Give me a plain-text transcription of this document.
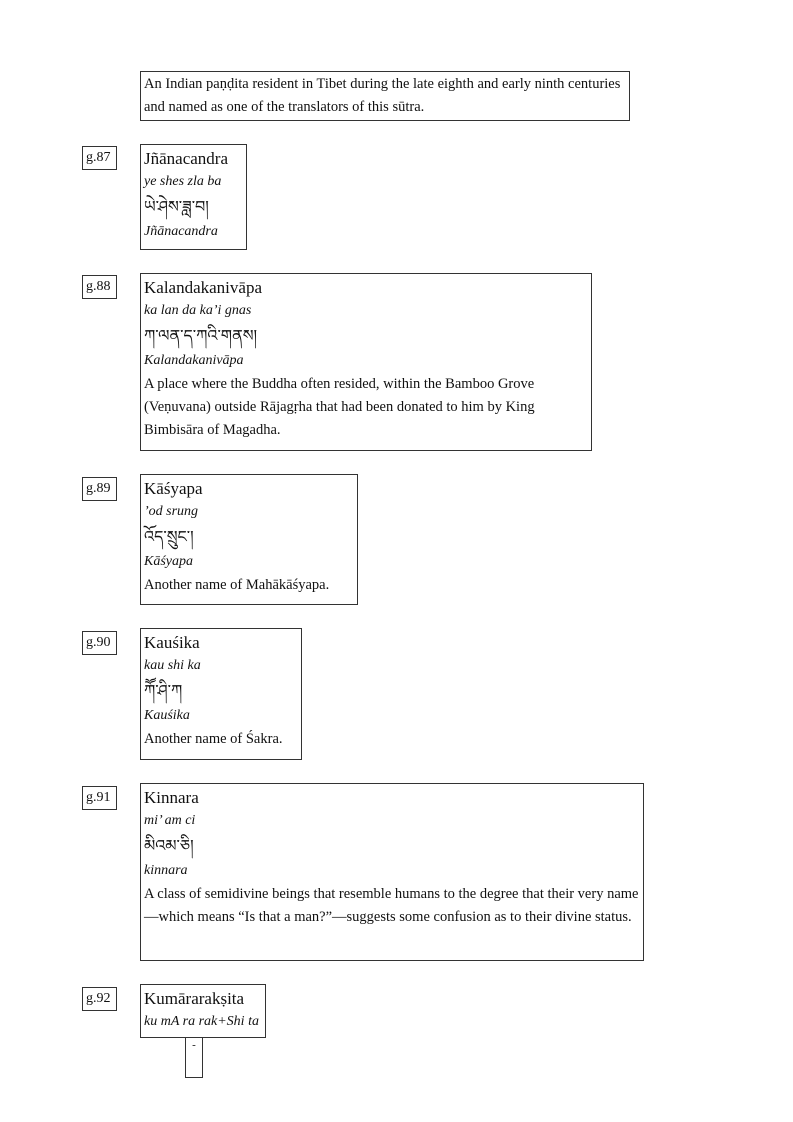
An Indian paṇḍita resident in Tibet during the late eighth and early ninth centuries and named as one of the translators of this sūtra.
g.87	Jñānacandra
ye shes zla ba
ཡེ་ཤེས་ཟླ་བ།
Jñānacandra
g.88	Kalandakanivāpa
ka lan da ka’i gnas
ཀ་ལན་ད་ཀའི་གནས།
Kalandakanivāpa
A place where the Buddha often resided, within the Bamboo Grove (Veṇuvana) outside Rājagṛha that had been donated to him by King Bimbisāra of Magadha.
g.89	Kāśyapa
’od srung
འོད་སྲུང་།
Kāśyapa
Another name of Mahākāśyapa.
g.90	Kauśika
kau shi ka
ཀཽ་ཤི་ཀ
Kauśika
Another name of Śakra.
g.91	Kinnara
mi’ am ci
མིའམ་ཅི།
kinnara
A class of semidivine beings that resemble humans to the degree that their very name—which means “Is that a man?”—suggests some confusion as to their divine status.
g.92	Kumārarakṣita
ku mA ra rak+Shi ta
-
